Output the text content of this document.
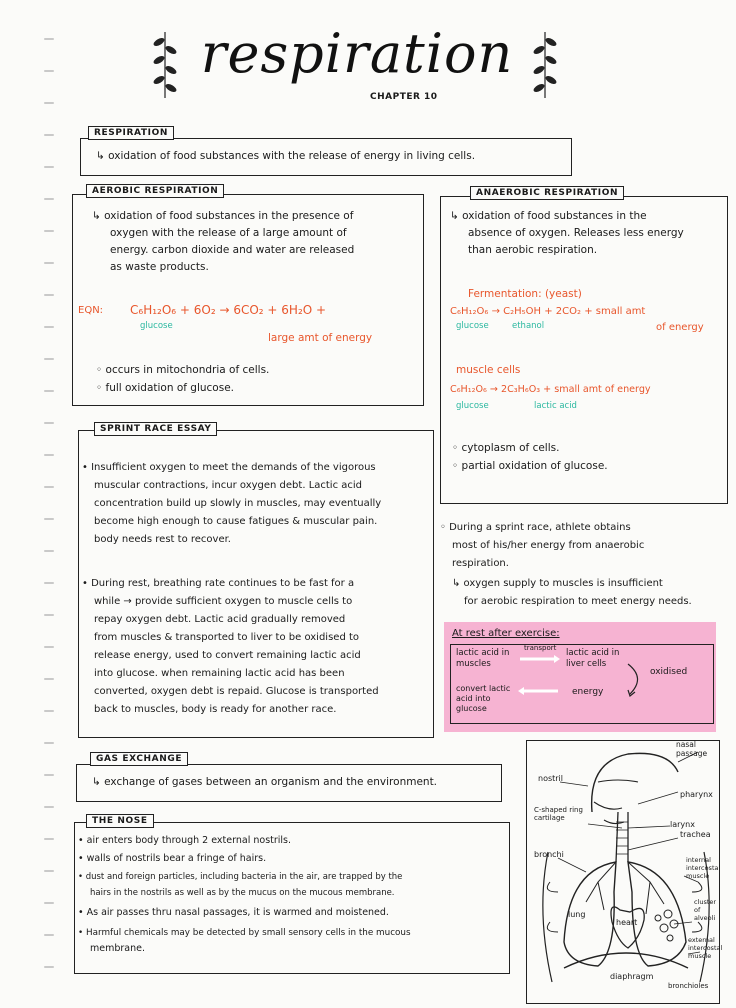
respiration
CHAPTER 10
RESPIRATION
↳ oxidation of food substances with the release of energy in living cells.
AEROBIC RESPIRATION
↳ oxidation of food substances in the presence of
oxygen with the release of a large amount of
energy. carbon dioxide and water are released
as waste products.
EQN: C₆H₁₂O₆ + 6O₂ → 6CO₂ + 6H₂O +
glucose
large amt of energy
◦ occurs in mitochondria of cells.
◦ full oxidation of glucose.
ANAEROBIC RESPIRATION
↳ oxidation of food substances in the
absence of oxygen. Releases less energy
than aerobic respiration.
Fermentation: (yeast)
C₆H₁₂O₆ → C₂H₅OH + 2CO₂ + small amt
glucose	ethanol	of energy
muscle cells
C₆H₁₂O₆ → 2C₃H₆O₃ + small amt of energy
glucose	lactic acid
◦ cytoplasm of cells.
◦ partial oxidation of glucose.
SPRINT RACE ESSAY
• Insufficient oxygen to meet the demands of the vigorous
muscular contractions, incur oxygen debt. Lactic acid
concentration build up slowly in muscles, may eventually
become high enough to cause fatigues & muscular pain.
body needs rest to recover.
• During rest, breathing rate continues to be fast for a
while → provide sufficient oxygen to muscle cells to
repay oxygen debt. Lactic acid gradually removed
from muscles & transported to liver to be oxidised to
release energy, used to convert remaining lactic acid
into glucose. when remaining lactic acid has been
converted, oxygen debt is repaid. Glucose is transported
back to muscles, body is ready for another race.
◦ During a sprint race, athlete obtains
most of his/her energy from anaerobic
respiration.
↳ oxygen supply to muscles is insufficient
for aerobic respiration to meet energy needs.
At rest after exercise:
lactic acid in muscles
transport lactic acid in liver cells
oxidised
convert lactic acid into glucose
energy
GAS EXCHANGE
↳ exchange of gases between an organism and the environment.
THE NOSE
• air enters body through 2 external nostrils.
• walls of nostrils bear a fringe of hairs.
• dust and foreign particles, including bacteria in the air, are trapped by the
hairs in the nostrils as well as by the mucus on the mucous membrane.
• As air passes thru nasal passages, it is warmed and moistened.
• Harmful chemicals may be detected by small sensory cells in the mucous
membrane.
nasal passage
nostril
pharynx
C-shaped ring cartilage
larynx
trachea
bronchi
internal intercostal muscle
cluster of alveoli
external intercostal muscle
lung
heart
diaphragm
bronchioles
